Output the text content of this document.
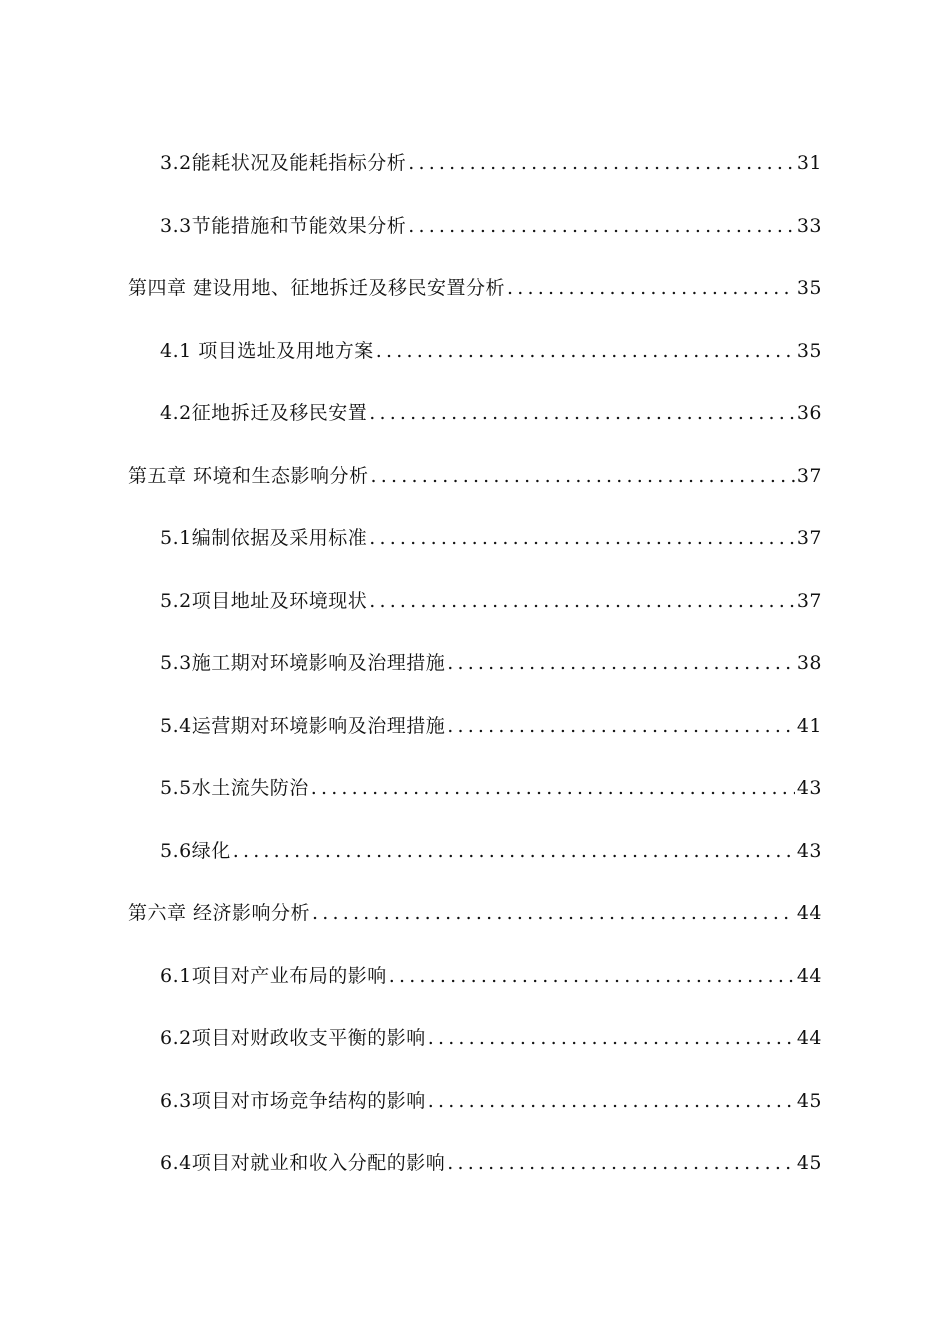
3.2能耗状况及能耗指标分析 .....	31
3.3节能措施和节能效果分析 .....	33
第四章 建设用地、征地拆迁及移民安置分析 .....	35
4.1 项目选址及用地方案 .....	35
4.2征地拆迁及移民安置 .....	36
第五章 环境和生态影响分析 .....	37
5.1编制依据及采用标准 .....	37
5.2项目地址及环境现状 .....	37
5.3施工期对环境影响及治理措施 .....	38
5.4运营期对环境影响及治理措施 .....	41
5.5水土流失防治 .....	43
5.6绿化 .....	43
第六章 经济影响分析 .....	44
6.1项目对产业布局的影响 .....	44
6.2项目对财政收支平衡的影响 .....	44
6.3项目对市场竞争结构的影响 .....	45
6.4项目对就业和收入分配的影响 .....	45
